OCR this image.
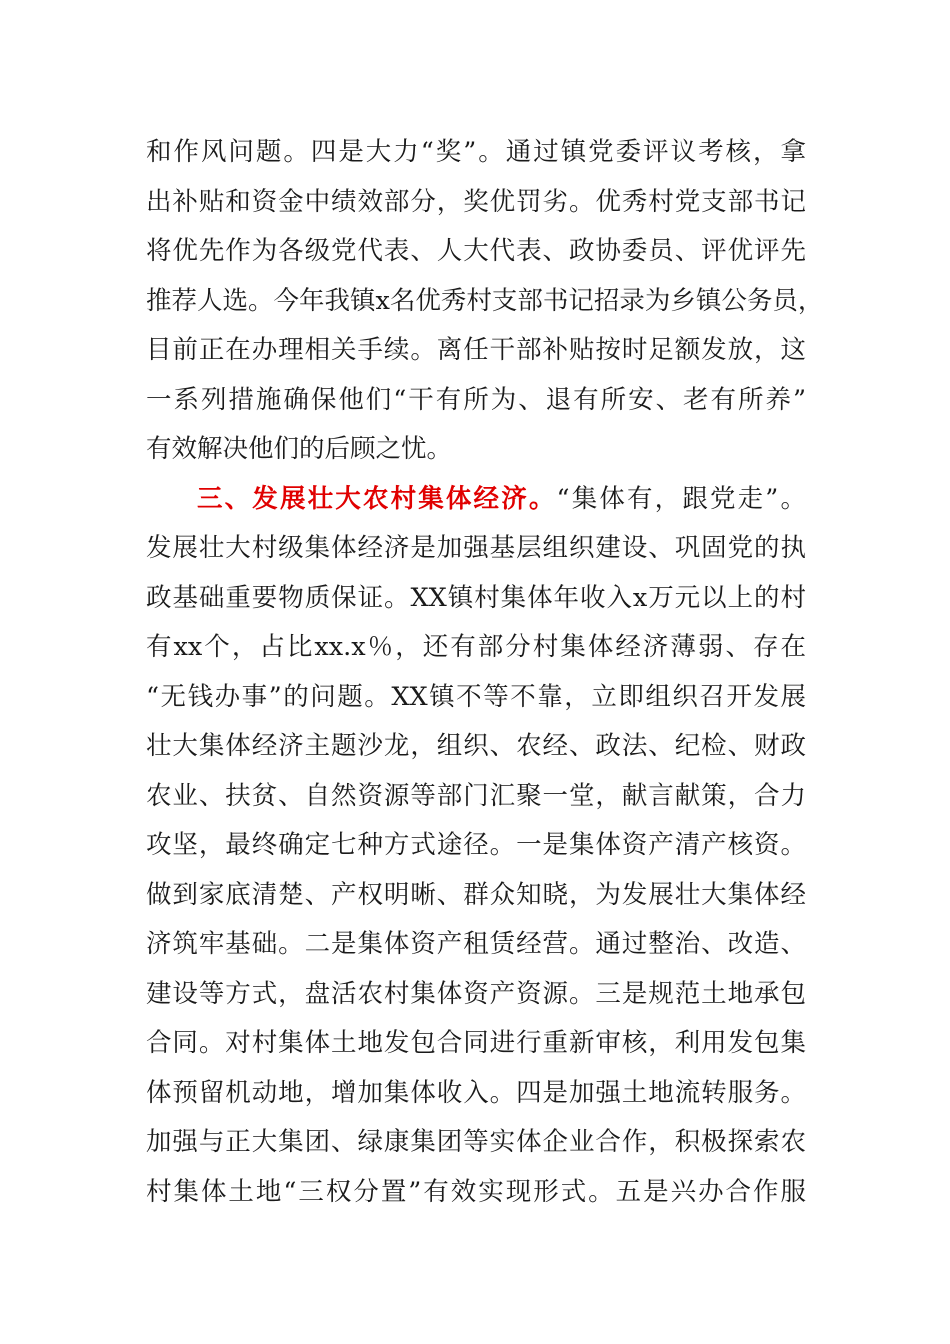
和作风问题。四是大力“奖”。通过镇党委评议考核，拿
出补贴和资金中绩效部分，奖优罚劣。优秀村党支部书记
将优先作为各级党代表、人大代表、政协委员、评优评先
推荐人选。今年我镇x名优秀村支部书记招录为乡镇公务员，
目前正在办理相关手续。离任干部补贴按时足额发放，这
一系列措施确保他们“干有所为、退有所安、老有所养”
有效解决他们的后顾之忧。
三、发展壮大农村集体经济。“集体有，跟党走”。
发展壮大村级集体经济是加强基层组织建设、巩固党的执
政基础重要物质保证。XX镇村集体年收入x万元以上的村
有xx个，占比xx.x％，还有部分村集体经济薄弱、存在
“无钱办事”的问题。XX镇不等不靠，立即组织召开发展
壮大集体经济主题沙龙，组织、农经、政法、纪检、财政
农业、扶贫、自然资源等部门汇聚一堂，献言献策，合力
攻坚，最终确定七种方式途径。一是集体资产清产核资。
做到家底清楚、产权明晰、群众知晓，为发展壮大集体经
济筑牢基础。二是集体资产租赁经营。通过整治、改造、
建设等方式，盘活农村集体资产资源。三是规范土地承包
合同。对村集体土地发包合同进行重新审核，利用发包集
体预留机动地，增加集体收入。四是加强土地流转服务。
加强与正大集团、绿康集团等实体企业合作，积极探索农
村集体土地“三权分置”有效实现形式。五是兴办合作服
